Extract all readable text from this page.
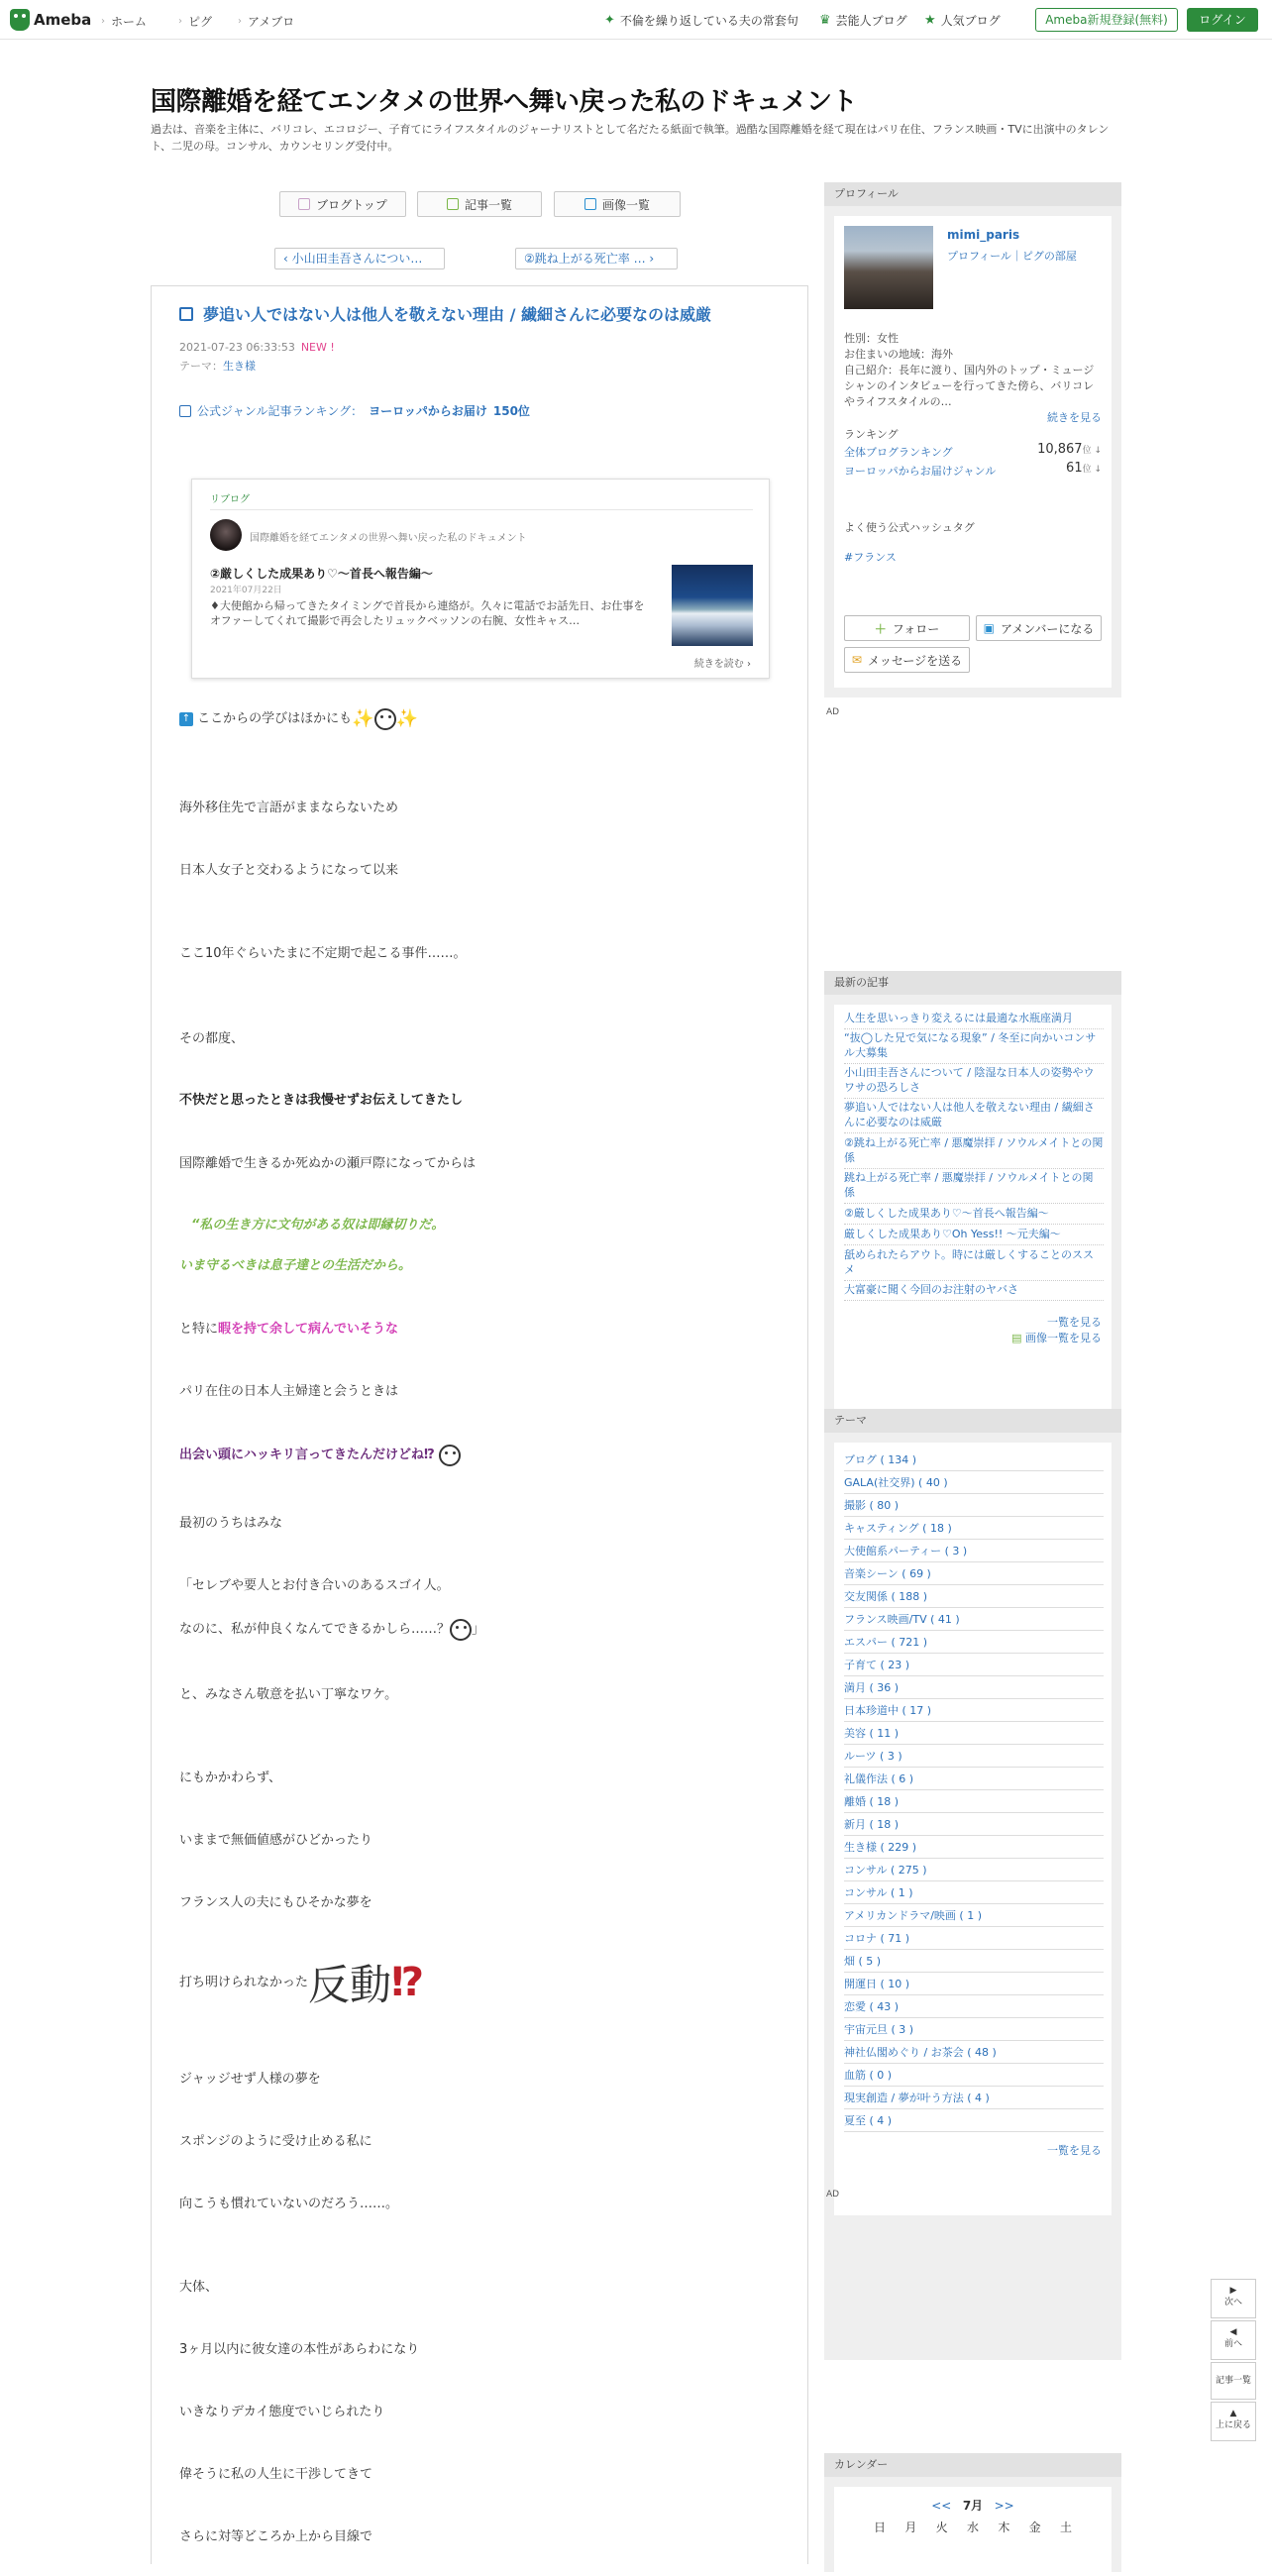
Ameba › ホーム	› ピグ	› アメブロ	✦ 不倫を繰り返している夫の常套句 ♛ 芸能人ブログ ★ 人気ブログ	Ameba新規登録(無料)	ログイン
国際離婚を経てエンタメの世界へ舞い戻った私のドキュメント
過去は、音楽を主体に、バリコレ、エコロジー、子育てにライフスタイルのジャーナリストとして名だたる紙面で執筆。過酷な国際離婚を経て現在はパリ在住、フランス映画・TVに出演中のタレント、二児の母。コンサル、カウンセリング受付中。
ブログトップ	記事一覧	画像一覧
‹ 小山田圭吾さんについ…	②跳ね上がる死亡率 … ›
夢追い人ではない人は他人を敬えない理由 / 繊細さんに必要なのは威厳
2021-07-23 06:33:53 NEW !
テーマ：生き様
公式ジャンル記事ランキング： ヨーロッパからお届け 150位
リブログ
国際離婚を経てエンタメの世界へ舞い戻った私のドキュメント
②厳しくした成果あり♡〜首長へ報告編〜
2021年07月22日
♦大使館から帰ってきたタイミングで首長から連絡が。久々に電話でお話先日、お仕事をオファーしてくれて撮影で再会したリュックベッソンの右腕、女性キャス…
続きを読む ›
↑ ここからの学びはほかにも✨ ✨
海外移住先で言語がままならないため
日本人女子と交わるようになって以来
ここ10年ぐらいたまに不定期で起こる事件……。
その都度、
不快だと思ったときは我慢せずお伝えしてきたし
国際離婚で生きるか死ぬかの瀬戸際になってからは
“私の生き方に文句がある奴は即縁切りだ。
いま守るべきは息子達との生活だから。
と特に暇を持て余して病んでいそうな
パリ在住の日本人主婦達と会うときは
出会い頭にハッキリ言ってきたんだけどね⁉
最初のうちはみな
「セレブや要人とお付き合いのあるスゴイ人。
なのに、私が仲良くなんてできるかしら……？ 」
と、みなさん敬意を払い丁寧なワケ。
にもかかわらず、
いままで無価値感がひどかったり
フランス人の夫にもひそかな夢を
打ち明けられなかった反動⁉
ジャッジせず人様の夢を
スポンジのように受け止める私に
向こうも慣れていないのだろう……。
大体、
3ヶ月以内に彼女達の本性があらわになり
いきなりデカイ態度でいじられたり
偉そうに私の人生に干渉してきて
さらに対等どころか上から目線で
プロフィール
mimi_paris
プロフィール｜ピグの部屋
性別：女性
お住まいの地域：海外
自己紹介：長年に渡り、国内外のトップ・ミュージシャンのインタビューを行ってきた傍ら、バリコレやライフスタイルの…
続きを見る
ランキング
全体ブログランキング	10,867位 ↓
ヨーロッパからお届けジャンル	61位 ↓
よく使う公式ハッシュタグ
#フランス
＋ フォロー	▣ アメンバーになる
✉ メッセージを送る
AD
最新の記事
人生を思いっきり変えるには最適な水瓶座満月
“抜◯した兄で気になる現象” / 冬至に向かいコンサル大募集
小山田圭吾さんについて / 陰湿な日本人の姿勢やウワサの恐ろしさ
夢追い人ではない人は他人を敬えない理由 / 繊細さんに必要なのは威厳
②跳ね上がる死亡率 / 悪魔崇拝 / ソウルメイトとの関係
跳ね上がる死亡率 / 悪魔崇拝 / ソウルメイトとの関係
②厳しくした成果あり♡〜首長へ報告編〜
厳しくした成果あり♡Oh Yess!! 〜元夫編〜
舐められたらアウト。時には厳しくすることのススメ
大富豪に聞く今回のお注射のヤバさ
一覧を見る
▤ 画像一覧を見る
テーマ
ブログ ( 134 )
GALA(社交界) ( 40 )
撮影 ( 80 )
キャスティング ( 18 )
大使館系パーティー ( 3 )
音楽シーン ( 69 )
交友関係 ( 188 )
フランス映画/TV ( 41 )
エスパー ( 721 )
子育て ( 23 )
満月 ( 36 )
日本珍道中 ( 17 )
美容 ( 11 )
ルーツ ( 3 )
礼儀作法 ( 6 )
離婚 ( 18 )
新月 ( 18 )
生き様 ( 229 )
コンサル ( 275 )
コンサル ( 1 )
アメリカンドラマ/映画 ( 1 )
コロナ ( 71 )
畑 ( 5 )
開運日 ( 10 )
恋愛 ( 43 )
宇宙元旦 ( 3 )
神社仏閣めぐり / お茶会 ( 48 )
血筋 ( 0 )
現実創造 / 夢が叶う方法 ( 4 )
夏至 ( 4 )
一覧を見る
AD
カレンダー
<< 7月 >>
日 月 火 水 木 金 土
▶
次へ
◀
前へ
記事一覧
▲
上に戻る
